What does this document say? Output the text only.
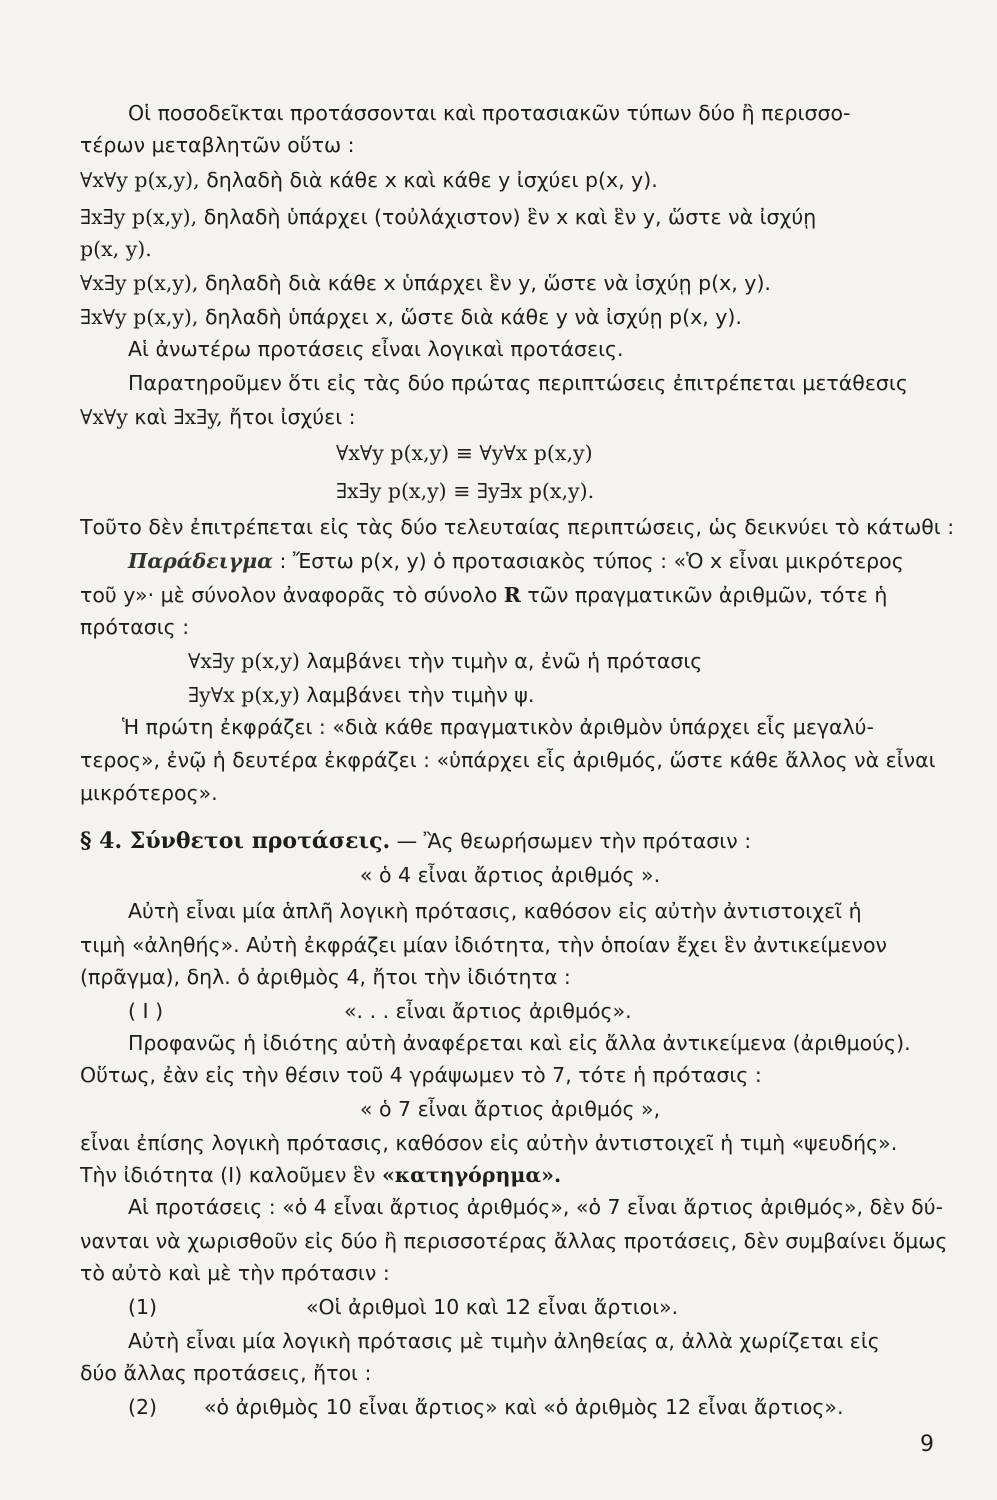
Οἱ ποσοδεῖκται προτάσσονται καὶ προτασιακῶν τύπων δύο ἢ περισσο-
τέρων μεταβλητῶν οὕτω :
∀x∀y p(x,y), δηλαδὴ διὰ κάθε x καὶ κάθε y ἰσχύει p(x, y).
∃x∃y p(x,y), δηλαδὴ ὑπάρχει (τοὐλάχιστον) ἓν x καὶ ἓν y, ὥστε νὰ ἰσχύῃ
p(x, y).
∀x∃y p(x,y), δηλαδὴ διὰ κάθε x ὑπάρχει ἓν y, ὥστε νὰ ἰσχύῃ p(x, y).
∃x∀y p(x,y), δηλαδὴ ὑπάρχει x, ὥστε διὰ κάθε y νὰ ἰσχύῃ p(x, y).
Αἱ ἀνωτέρω προτάσεις εἶναι λογικαὶ προτάσεις.
Παρατηροῦμεν ὅτι εἰς τὰς δύο πρώτας περιπτώσεις ἐπιτρέπεται μετάθεσις
∀x∀y καὶ ∃x∃y, ἤτοι ἰσχύει :
∀x∀y p(x,y) ≡ ∀y∀x p(x,y)
∃x∃y p(x,y) ≡ ∃y∃x p(x,y).
Τοῦτο δὲν ἐπιτρέπεται εἰς τὰς δύο τελευταίας περιπτώσεις, ὡς δεικνύει τὸ κάτωθι :
Παράδειγμα : Ἔστω p(x, y) ὁ προτασιακὸς τύπος : «Ὁ x εἶναι μικρότερος
τοῦ y»· μὲ σύνολον ἀναφορᾶς τὸ σύνολο R τῶν πραγματικῶν ἀριθμῶν, τότε ἡ
πρότασις :
∀x∃y p(x,y) λαμβάνει τὴν τιμὴν α, ἐνῶ ἡ πρότασις
∃y∀x p(x,y) λαμβάνει τὴν τιμὴν ψ.
Ἡ πρώτη ἐκφράζει : «διὰ κάθε πραγματικὸν ἀριθμὸν ὑπάρχει εἷς μεγαλύ-
τερος», ἐνῷ ἡ δευτέρα ἐκφράζει : «ὑπάρχει εἷς ἀριθμός, ὥστε κάθε ἄλλος νὰ εἶναι
μικρότερος».
§ 4. Σύνθετοι προτάσεις. — Ἂς θεωρήσωμεν τὴν πρότασιν :
« ὁ 4 εἶναι ἄρτιος ἀριθμός ».
Αὐτὴ εἶναι μία ἁπλῆ λογικὴ πρότασις, καθόσον εἰς αὐτὴν ἀντιστοιχεῖ ἡ
τιμὴ «ἀληθής». Αὐτὴ ἐκφράζει μίαν ἰδιότητα, τὴν ὁποίαν ἔχει ἓν ἀντικείμενον
(πρᾶγμα), δηλ. ὁ ἀριθμὸς 4, ἤτοι τὴν ἰδιότητα :
( I )	«. . . εἶναι ἄρτιος ἀριθμός».
Προφανῶς ἡ ἰδιότης αὐτὴ ἀναφέρεται καὶ εἰς ἄλλα ἀντικείμενα (ἀριθμούς).
Οὕτως, ἐὰν εἰς τὴν θέσιν τοῦ 4 γράψωμεν τὸ 7, τότε ἡ πρότασις :
« ὁ 7 εἶναι ἄρτιος ἀριθμός »,
εἶναι ἐπίσης λογικὴ πρότασις, καθόσον εἰς αὐτὴν ἀντιστοιχεῖ ἡ τιμὴ «ψευδής».
Τὴν ἰδιότητα (I) καλοῦμεν ἓν «κατηγόρημα».
Αἱ προτάσεις : «ὁ 4 εἶναι ἄρτιος ἀριθμός», «ὁ 7 εἶναι ἄρτιος ἀριθμός», δὲν δύ-
νανται νὰ χωρισθοῦν εἰς δύο ἢ περισσοτέρας ἄλλας προτάσεις, δὲν συμβαίνει ὅμως
τὸ αὐτὸ καὶ μὲ τὴν πρότασιν :
(1)	«Οἱ ἀριθμοὶ 10 καὶ 12 εἶναι ἄρτιοι».
Αὐτὴ εἶναι μία λογικὴ πρότασις μὲ τιμὴν ἀληθείας α, ἀλλὰ χωρίζεται εἰς
δύο ἄλλας προτάσεις, ἤτοι :
(2) «ὁ ἀριθμὸς 10 εἶναι ἄρτιος» καὶ «ὁ ἀριθμὸς 12 εἶναι ἄρτιος».
9
